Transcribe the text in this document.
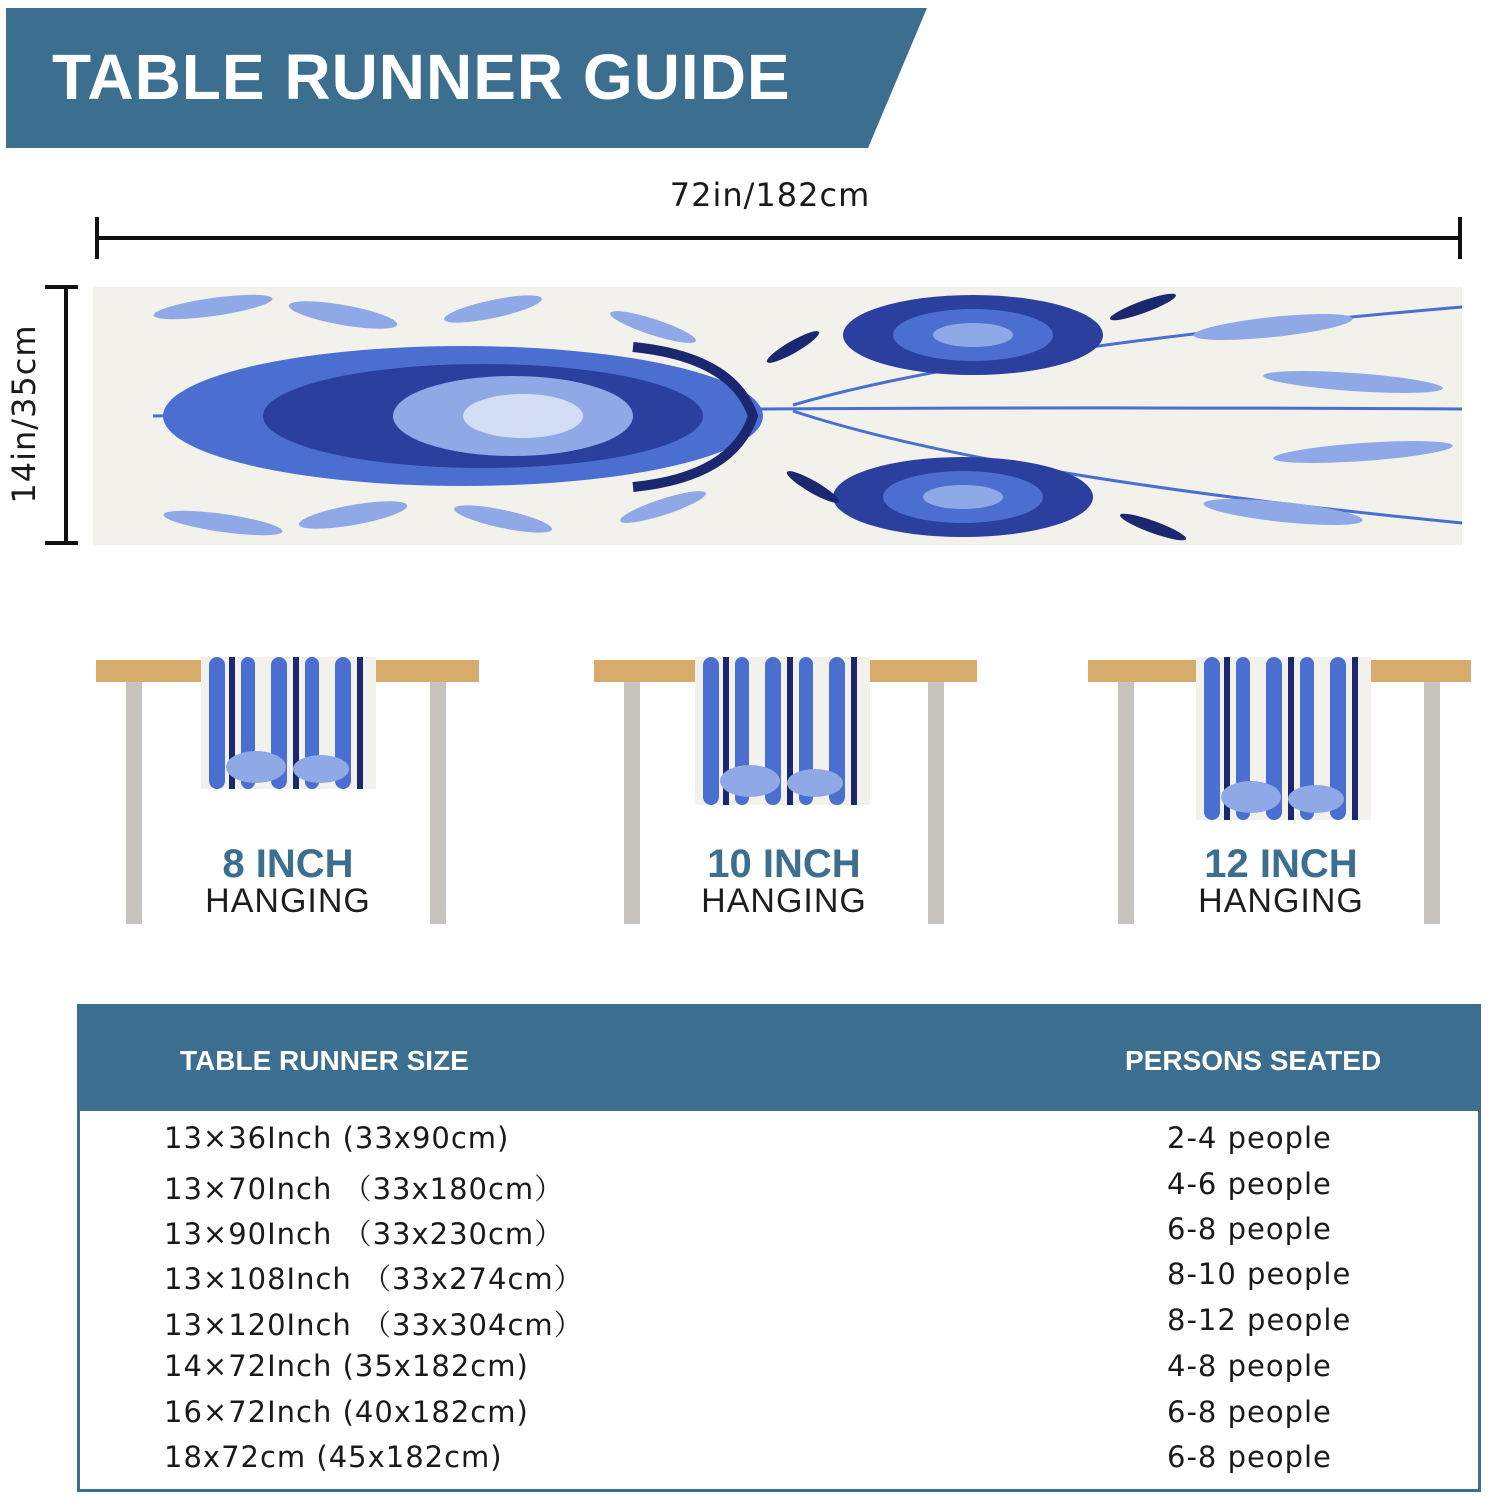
TABLE RUNNER GUIDE
72in/182cm
14in/35cm
8 INCH
HANGING
10 INCH
HANGING
12 INCH
HANGING
TABLE RUNNER SIZE	PERSONS SEATED
13×36Inch (33x90cm)	2-4 people
13×70Inch （33x180cm）	4-6 people
13×90Inch （33x230cm）	6-8 people
13×108Inch （33x274cm）	8-10 people
13×120Inch （33x304cm）	8-12 people
14×72Inch (35x182cm)	4-8 people
16×72Inch (40x182cm)	6-8 people
18x72cm (45x182cm)	6-8 people
